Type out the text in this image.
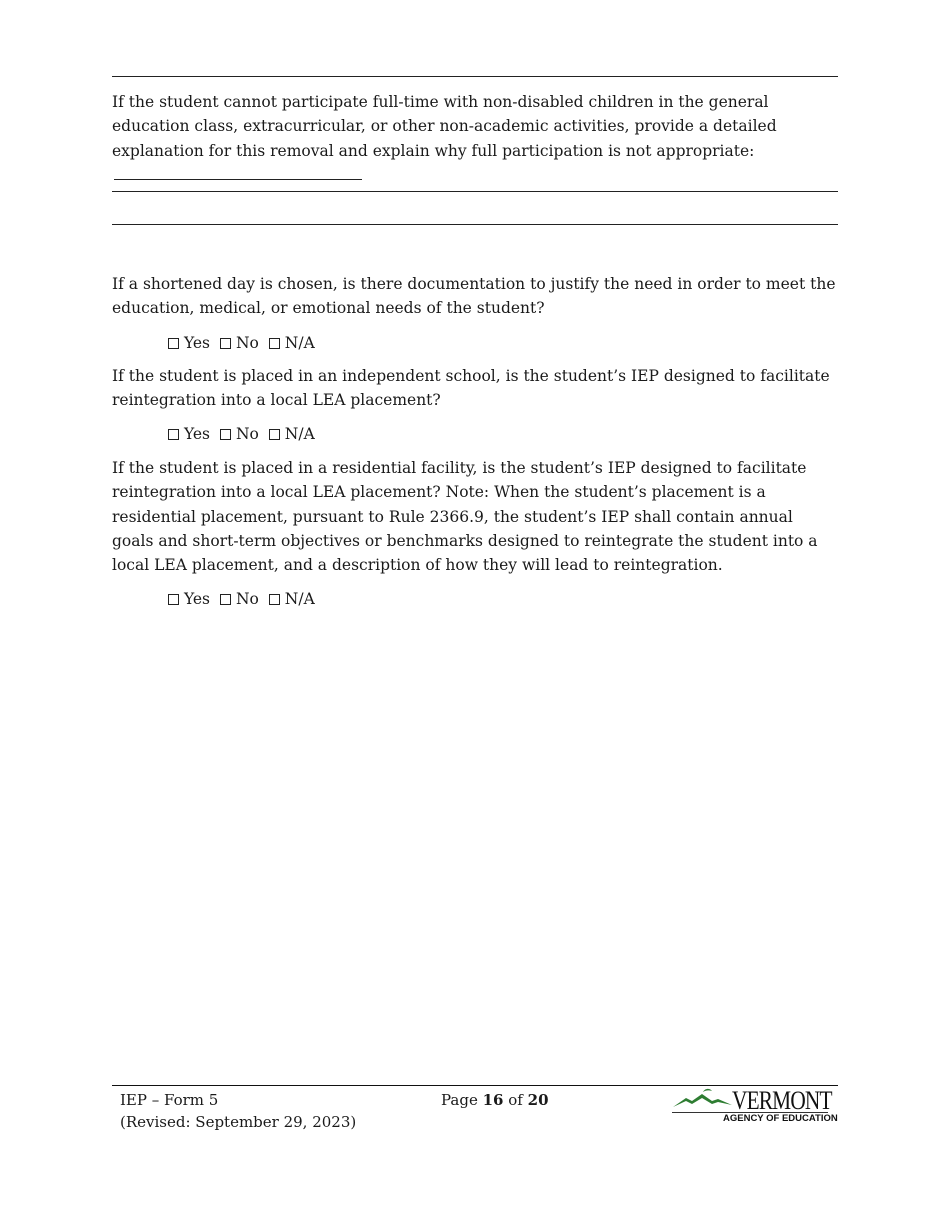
If the student cannot participate full-time with non-disabled children in the general education class, extracurricular, or other non-academic activities, provide a detailed explanation for this removal and explain why full participation is not appropriate:

If a shortened day is chosen, is there documentation to justify the need in order to meet the education, medical, or emotional needs of the student?

Yes
No
N/A

If the student is placed in an independent school, is the student’s IEP designed to facilitate reintegration into a local LEA placement?

Yes
No
N/A

If the student is placed in a residential facility, is the student’s IEP designed to facilitate reintegration into a local LEA placement? Note: When the student’s placement is a residential placement, pursuant to Rule 2366.9, the student’s IEP shall contain annual goals and short-term objectives or benchmarks designed to reintegrate the student into a local LEA placement, and a description of how they will lead to reintegration.

Yes
No
N/A
IEP – Form 5
(Revised: September 29, 2023)
Page 16 of 20	VERMONT
AGENCY OF EDUCATION
